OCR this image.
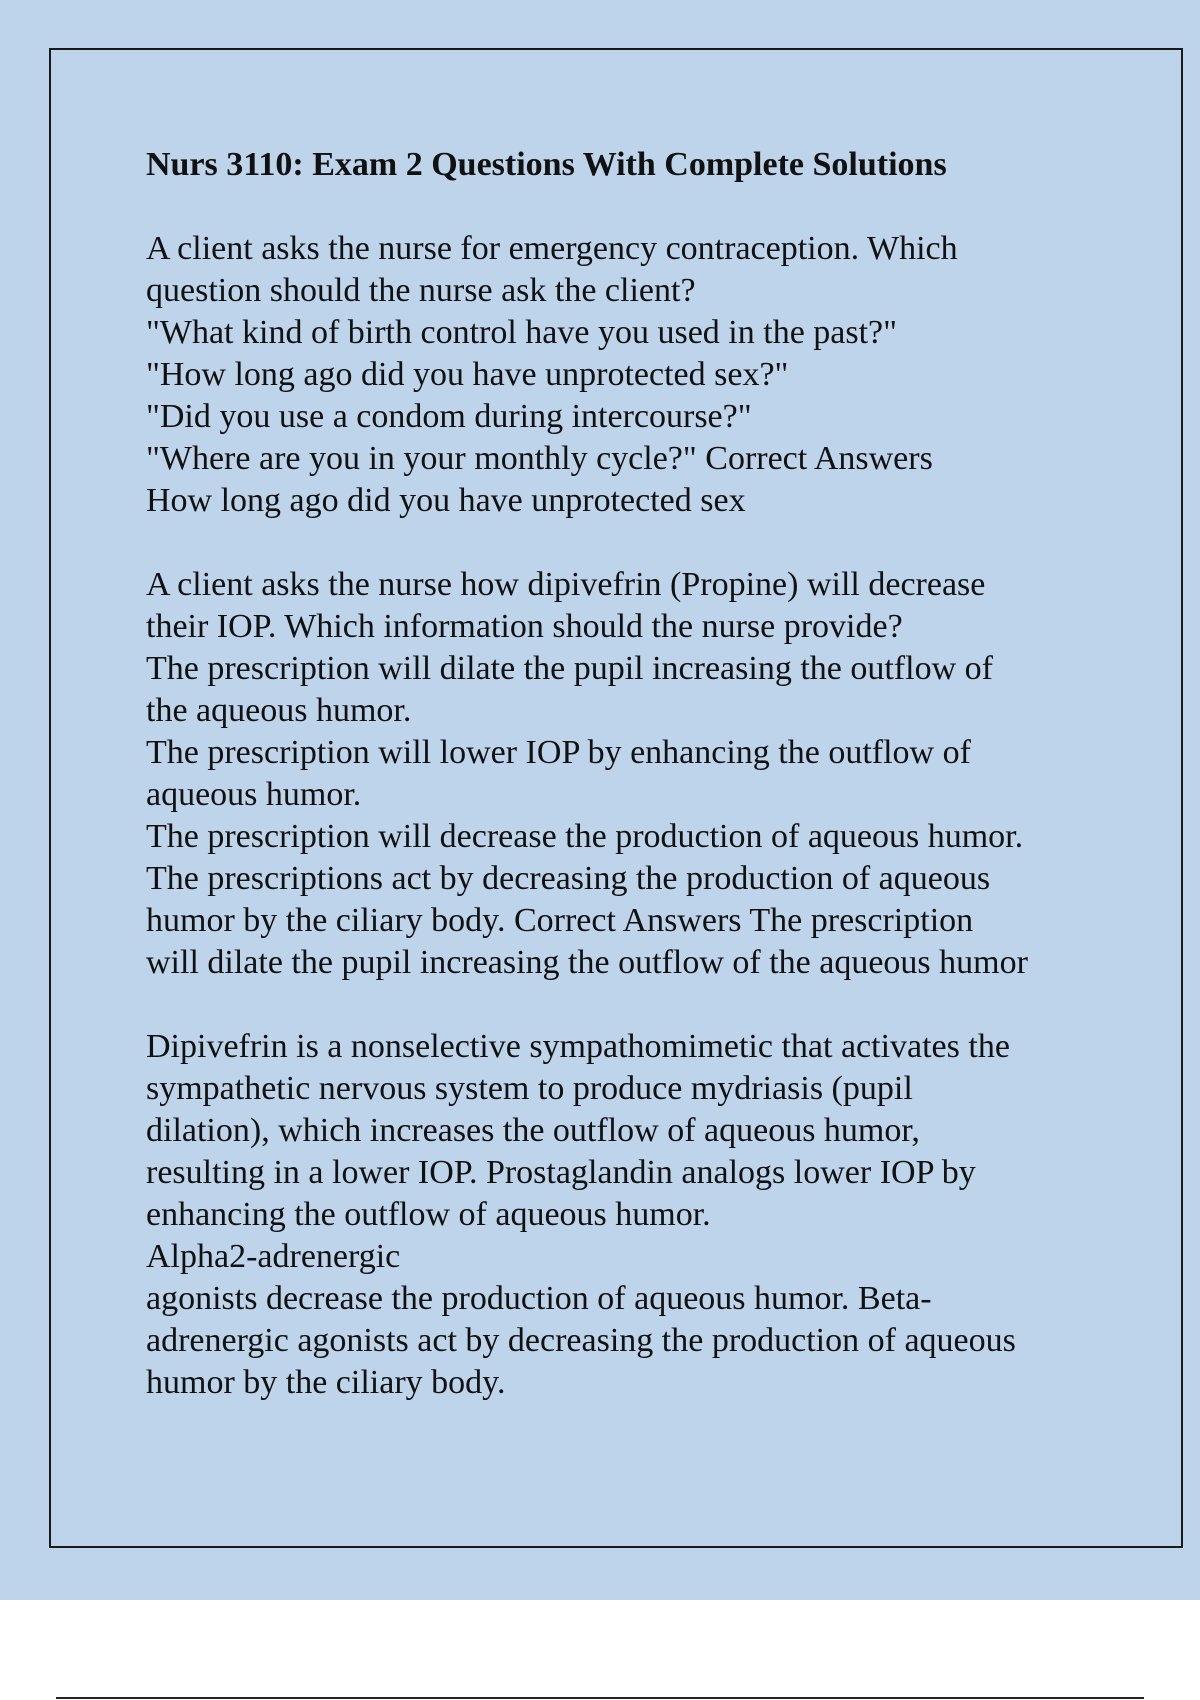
Nurs 3110: Exam 2 Questions With Complete Solutions
A client asks the nurse for emergency contraception. Which
question should the nurse ask the client?
"What kind of birth control have you used in the past?"
"How long ago did you have unprotected sex?"
"Did you use a condom during intercourse?"
"Where are you in your monthly cycle?" Correct Answers
How long ago did you have unprotected sex
A client asks the nurse how dipivefrin (Propine) will decrease
their IOP. Which information should the nurse provide?
The prescription will dilate the pupil increasing the outflow of
the aqueous humor.
The prescription will lower IOP by enhancing the outflow of
aqueous humor.
The prescription will decrease the production of aqueous humor.
The prescriptions act by decreasing the production of aqueous
humor by the ciliary body. Correct Answers The prescription
will dilate the pupil increasing the outflow of the aqueous humor
Dipivefrin is a nonselective sympathomimetic that activates the
sympathetic nervous system to produce mydriasis (pupil
dilation), which increases the outflow of aqueous humor,
resulting in a lower IOP. Prostaglandin analogs lower IOP by
enhancing the outflow of aqueous humor.
Alpha2-adrenergic
agonists decrease the production of aqueous humor. Beta-
adrenergic agonists act by decreasing the production of aqueous
humor by the ciliary body.
